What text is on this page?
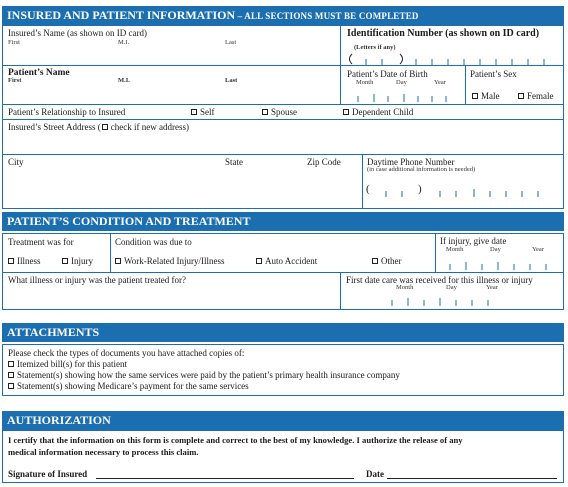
INSURED AND PATIENT INFORMATION – ALL SECTIONS MUST BE COMPLETED
Insured’s Name (as shown on ID card)
First	M.I.	Last
Identification Number (as shown on ID card)
(Letters if any)
Patient’s Name
First	M.I.	Last
Patient’s Date of Birth
Month	Day	Year
Patient’s Sex
Male	Female
Patient’s Relationship to Insured	Self	Spouse	Dependent Child
Insured’s Street Address ( check if new address)
City	State	Zip Code	Daytime Phone Number
(in case additional information is needed)
(	)
PATIENT’S CONDITION AND TREATMENT
Treatment was for
Illness	Injury
Condition was due to
Work-Related Injury/Illness	Auto Accident	Other
If injury, give date
Month	Day	Year
What illness or injury was the patient treated for?	First date care was received for this illness or injury
Month	Day	Year
ATTACHMENTS
Please check the types of documents you have attached copies of:
Itemized bill(s) for this patient
Statement(s) showing how the same services were paid by the patient’s primary health insurance company
Statement(s) showing Medicare’s payment for the same services
AUTHORIZATION
I certify that the information on this form is complete and correct to the best of my knowledge. I authorize the release of any
medical information necessary to process this claim.
Signature of Insured	Date
